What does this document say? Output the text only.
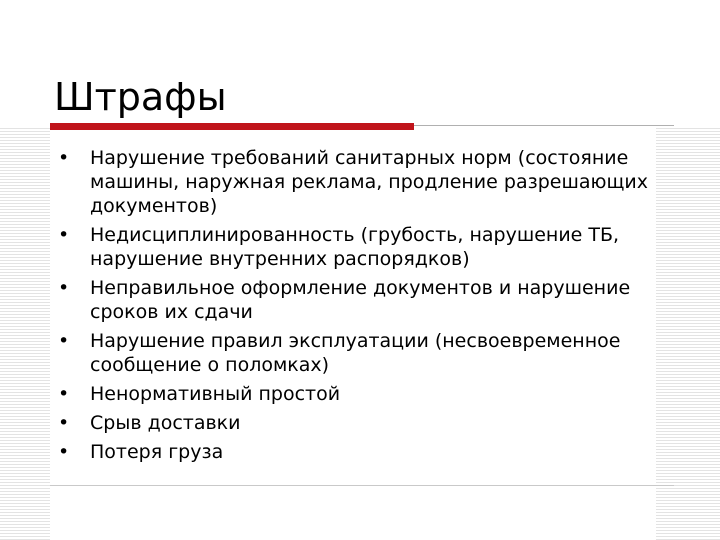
Штрафы
• Нарушение требований санитарных норм (состояние машины, наружная реклама, продление разрешающих документов)
• Недисциплинированность (грубость, нарушение ТБ, нарушение внутренних распорядков)
• Неправильное оформление документов и нарушение сроков их сдачи
• Нарушение правил эксплуатации (несвоевременное сообщение о поломках)
• Ненормативный простой
• Срыв доставки
• Потеря груза
